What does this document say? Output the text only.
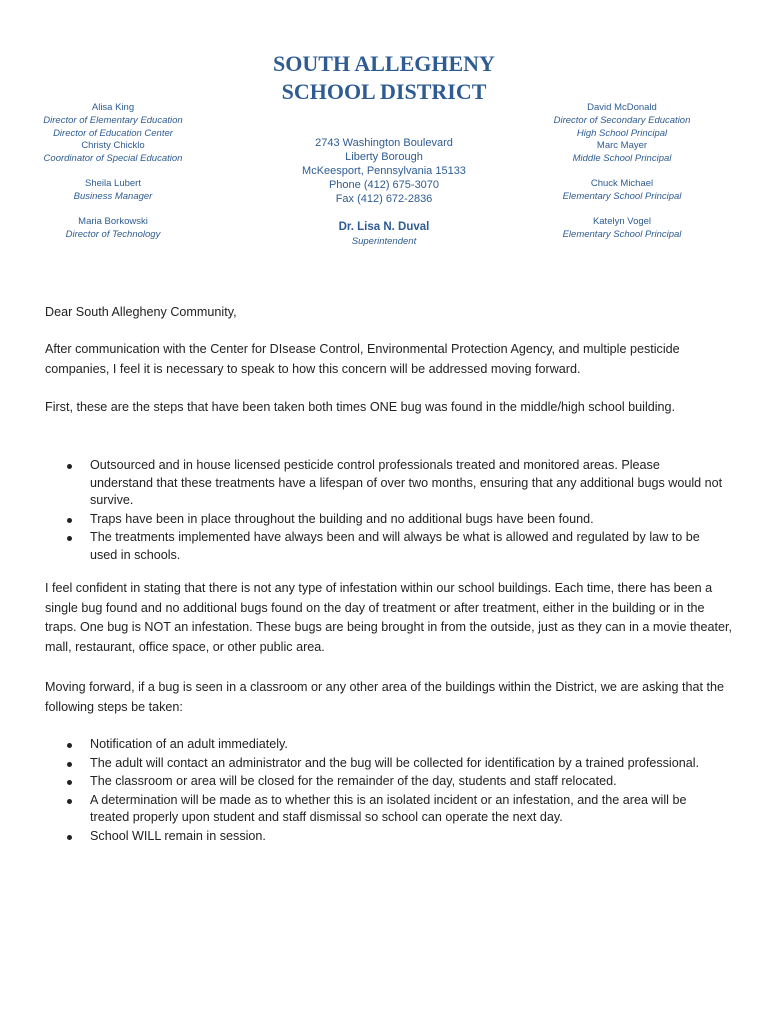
SOUTH ALLEGHENY
SCHOOL DISTRICT
Alisa King
Director of Elementary Education
Director of Education Center
Christy Chicklo
Coordinator of Special Education
Sheila Lubert
Business Manager
Maria Borkowski
Director of Technology
2743 Washington Boulevard
Liberty Borough
McKeesport, Pennsylvania 15133
Phone (412) 675-3070
Fax (412) 672-2836
Dr. Lisa N. Duval
Superintendent
David McDonald
Director of Secondary Education
High School Principal
Marc Mayer
Middle School Principal
Chuck Michael
Elementary School Principal
Katelyn Vogel
Elementary School Principal
Dear South Allegheny Community,
After communication with the Center for DIsease Control, Environmental Protection Agency, and multiple pesticide companies, I feel it is necessary to speak to how this concern will be addressed moving forward.
First, these are the steps that have been taken both times ONE bug was found in the middle/high school building.
Outsourced and in house licensed pesticide control professionals treated and monitored areas. Please understand that these treatments have a lifespan of over two months, ensuring that any additional bugs would not survive.
Traps have been in place throughout the building and no additional bugs have been found.
The treatments implemented have always been and will always be what is allowed and regulated by law to be used in schools.
I feel confident in stating that there is not any type of infestation within our school buildings. Each time, there has been a single bug found and no additional bugs found on the day of treatment or after treatment, either in the building or in the traps. One bug is NOT an infestation. These bugs are being brought in from the outside, just as they can in a movie theater, mall, restaurant, office space, or other public area.
Moving forward, if a bug is seen in a classroom or any other area of the buildings within the District, we are asking that the following steps be taken:
Notification of an adult immediately.
The adult will contact an administrator and the bug will be collected for identification by a trained professional.
The classroom or area will be closed for the remainder of the day, students and staff relocated.
A determination will be made as to whether this is an isolated incident or an infestation, and the area will be treated properly upon student and staff dismissal so school can operate the next day.
School WILL remain in session.
